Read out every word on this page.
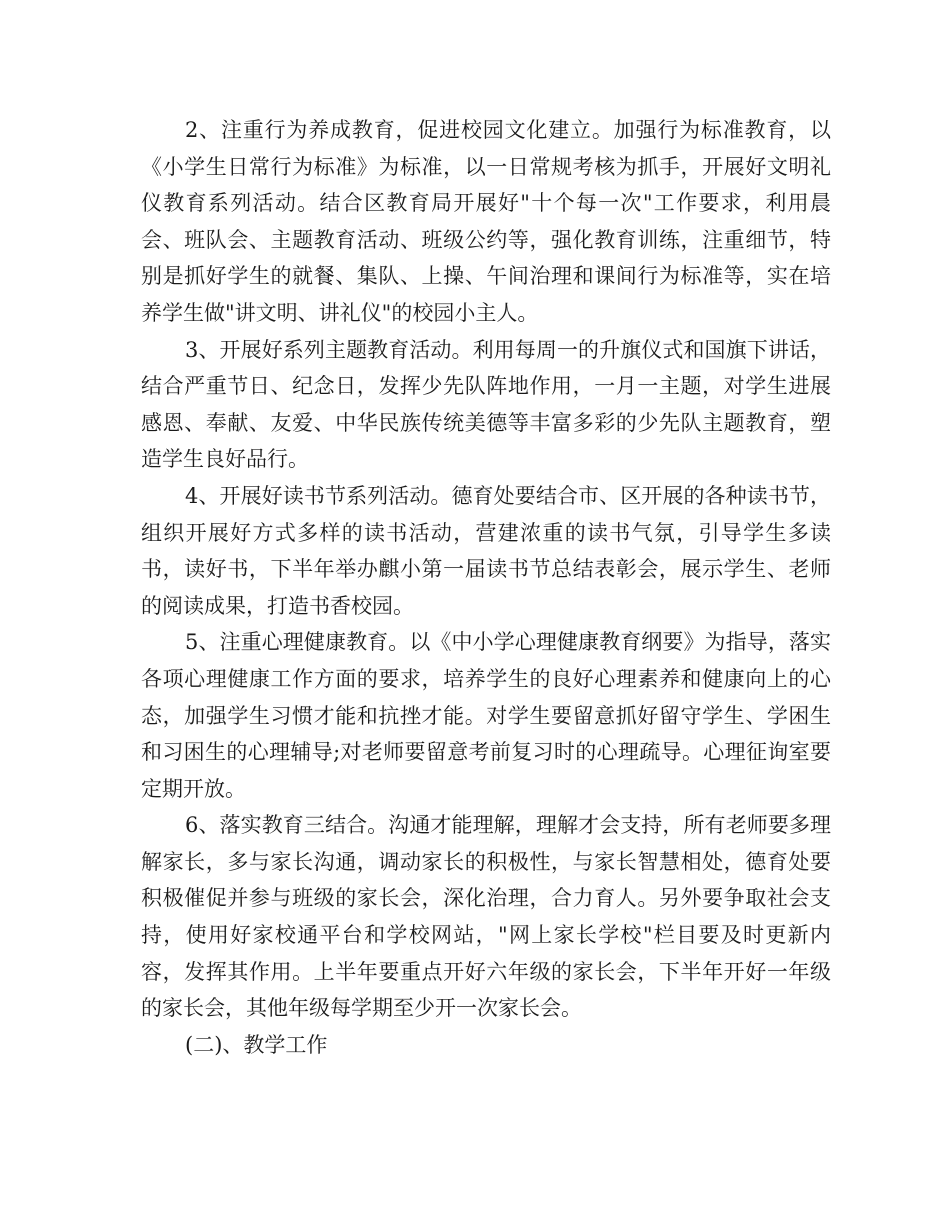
2、注重行为养成教育，促进校园文化建立。加强行为标准教育，以《小学生日常行为标准》为标准，以一日常规考核为抓手，开展好文明礼仪教育系列活动。结合区教育局开展好"十个每一次"工作要求，利用晨会、班队会、主题教育活动、班级公约等，强化教育训练，注重细节，特别是抓好学生的就餐、集队、上操、午间治理和课间行为标准等，实在培养学生做"讲文明、讲礼仪"的校园小主人。

3、开展好系列主题教育活动。利用每周一的升旗仪式和国旗下讲话，结合严重节日、纪念日，发挥少先队阵地作用，一月一主题，对学生进展感恩、奉献、友爱、中华民族传统美德等丰富多彩的少先队主题教育，塑造学生良好品行。

4、开展好读书节系列活动。德育处要结合市、区开展的各种读书节，组织开展好方式多样的读书活动，营建浓重的读书气氛，引导学生多读书，读好书，下半年举办麒小第一届读书节总结表彰会，展示学生、老师的阅读成果，打造书香校园。

5、注重心理健康教育。以《中小学心理健康教育纲要》为指导，落实各项心理健康工作方面的要求，培养学生的良好心理素养和健康向上的心态，加强学生习惯才能和抗挫才能。对学生要留意抓好留守学生、学困生和习困生的心理辅导;对老师要留意考前复习时的心理疏导。心理征询室要定期开放。

6、落实教育三结合。沟通才能理解，理解才会支持，所有老师要多理解家长，多与家长沟通，调动家长的积极性，与家长智慧相处，德育处要积极催促并参与班级的家长会，深化治理，合力育人。另外要争取社会支持，使用好家校通平台和学校网站，"网上家长学校"栏目要及时更新内容，发挥其作用。上半年要重点开好六年级的家长会，下半年开好一年级的家长会，其他年级每学期至少开一次家长会。

(二)、教学工作
